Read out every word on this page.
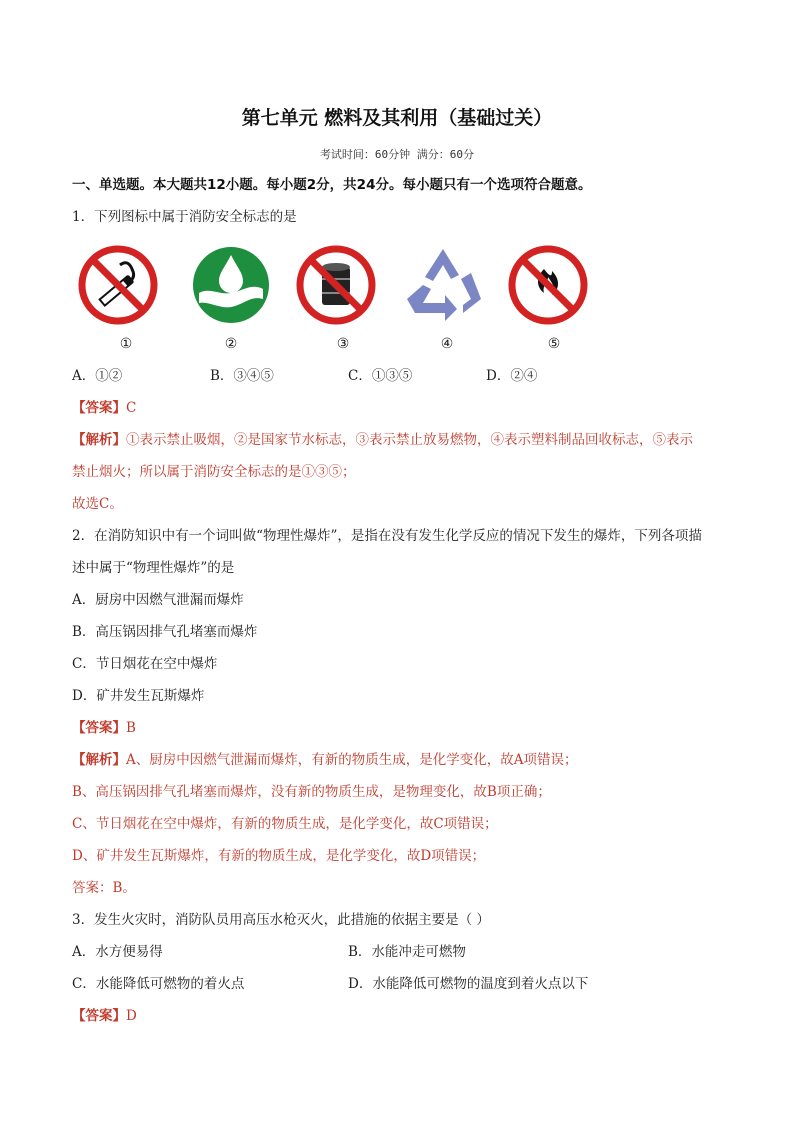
第七单元 燃料及其利用（基础过关）
考试时间：60分钟 满分：60分
一、单选题。本大题共12小题。每小题2分，共24分。每小题只有一个选项符合题意。
1．下列图标中属于消防安全标志的是
①	②	③	④	⑤
A．①②	B．③④⑤	C．①③⑤	D．②④
【答案】C
【解析】①表示禁止吸烟，②是国家节水标志，③表示禁止放易燃物，④表示塑料制品回收标志，⑤表示
禁止烟火；所以属于消防安全标志的是①③⑤；
故选C。
2．在消防知识中有一个词叫做“物理性爆炸”，是指在没有发生化学反应的情况下发生的爆炸，下列各项描
述中属于“物理性爆炸”的是
A．厨房中因燃气泄漏而爆炸
B．高压锅因排气孔堵塞而爆炸
C．节日烟花在空中爆炸
D．矿井发生瓦斯爆炸
【答案】B
【解析】A、厨房中因燃气泄漏而爆炸，有新的物质生成，是化学变化，故A项错误；
B、高压锅因排气孔堵塞而爆炸，没有新的物质生成，是物理变化，故B项正确；
C、节日烟花在空中爆炸，有新的物质生成，是化学变化，故C项错误；
D、矿井发生瓦斯爆炸，有新的物质生成，是化学变化，故D项错误；
答案：B。
3．发生火灾时，消防队员用高压水枪灭火，此措施的依据主要是（ ）
A．水方便易得	B．水能冲走可燃物
C．水能降低可燃物的着火点	D．水能降低可燃物的温度到着火点以下
【答案】D
